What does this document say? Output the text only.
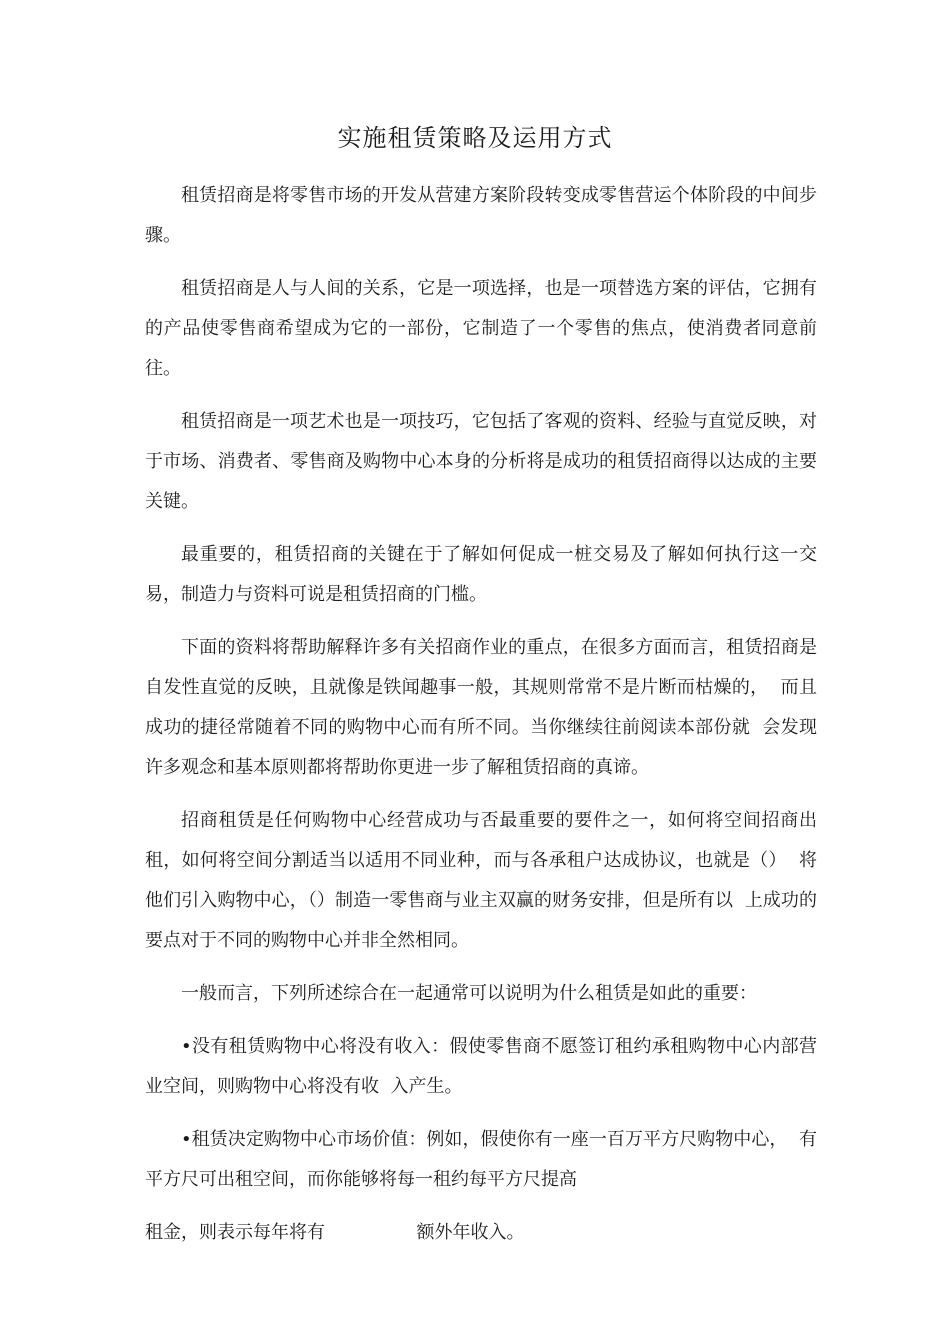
实施租赁策略及运用方式

租赁招商是将零售市场的开发从营建方案阶段转变成零售营运个体阶段的中间步骤。

租赁招商是人与人间的关系，它是一项选择，也是一项替选方案的评估，它拥有的产品使零售商希望成为它的一部份，它制造了一个零售的焦点，使消费者同意前往。

租赁招商是一项艺术也是一项技巧，它包括了客观的资料、经验与直觉反映，对于市场、消费者、零售商及购物中心本身的分析将是成功的租赁招商得以达成的主要关键。

最重要的，租赁招商的关键在于了解如何促成一桩交易及了解如何执行这一交易，制造力与资料可说是租赁招商的门槛。

下面的资料将帮助解释许多有关招商作业的重点，在很多方面而言，租赁招商是自发性直觉的反映，且就像是铁闻趣事一般，其规则常常不是片断而枯燥的，  而且成功的捷径常随着不同的购物中心而有所不同。当你继续往前阅读本部份就  会发现许多观念和基本原则都将帮助你更进一步了解租赁招商的真谛。

招商租赁是任何购物中心经营成功与否最重要的要件之一，如何将空间招商出租，如何将空间分割适当以适用不同业种，而与各承租户达成协议，也就是（）  将他们引入购物中心，（）制造一零售商与业主双赢的财务安排，但是所有以  上成功的要点对于不同的购物中心并非全然相同。

一般而言，下列所述综合在一起通常可以说明为什么租赁是如此的重要：

•没有租赁购物中心将没有收入：假使零售商不愿签订租约承租购物中心内部营业空间，则购物中心将没有收  入产生。

•租赁决定购物中心市场价值：例如，假使你有一座一百万平方尺购物中心，  有平方尺可出租空间，而你能够将每一租约每平方尺提高

租金，则表示每年将有                额外年收入。
